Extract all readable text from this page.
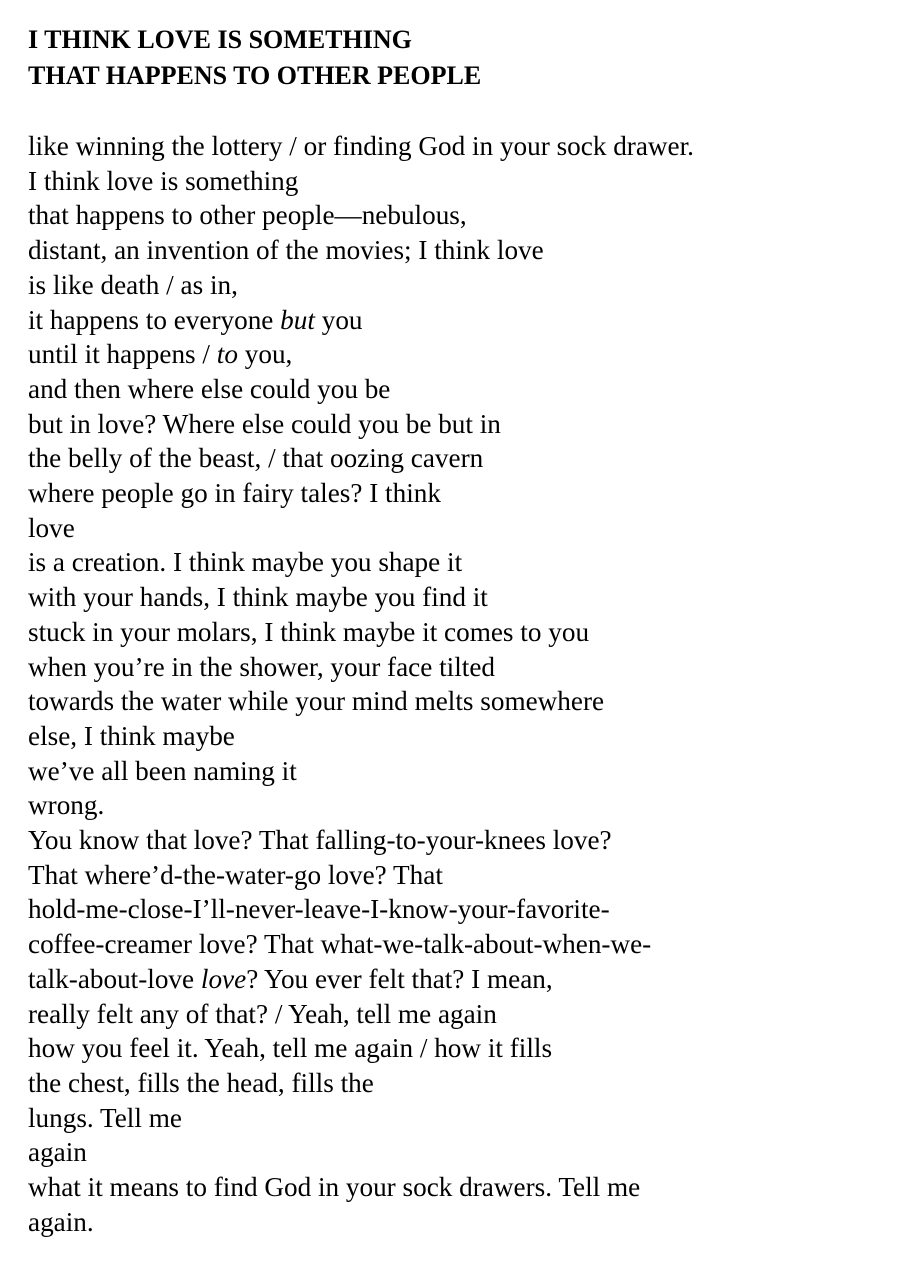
I THINK LOVE IS SOMETHING
THAT HAPPENS TO OTHER PEOPLE
like winning the lottery / or finding God in your sock drawer.
I think love is something
that happens to other people—nebulous,
distant, an invention of the movies; I think love
is like death / as in,
it happens to everyone but you
until it happens / to you,
and then where else could you be
but in love? Where else could you be but in
the belly of the beast, / that oozing cavern
where people go in fairy tales? I think
love
is a creation. I think maybe you shape it
with your hands, I think maybe you find it
stuck in your molars, I think maybe it comes to you
when you’re in the shower, your face tilted
towards the water while your mind melts somewhere
else, I think maybe
we’ve all been naming it
wrong.
You know that love? That falling-to-your-knees love?
That where’d-the-water-go love? That
hold-me-close-I’ll-never-leave-I-know-your-favorite-
coffee-creamer love? That what-we-talk-about-when-we-
talk-about-love love? You ever felt that? I mean,
really felt any of that? / Yeah, tell me again
how you feel it. Yeah, tell me again / how it fills
the chest, fills the head, fills the
lungs. Tell me
again
what it means to find God in your sock drawers. Tell me
again.
